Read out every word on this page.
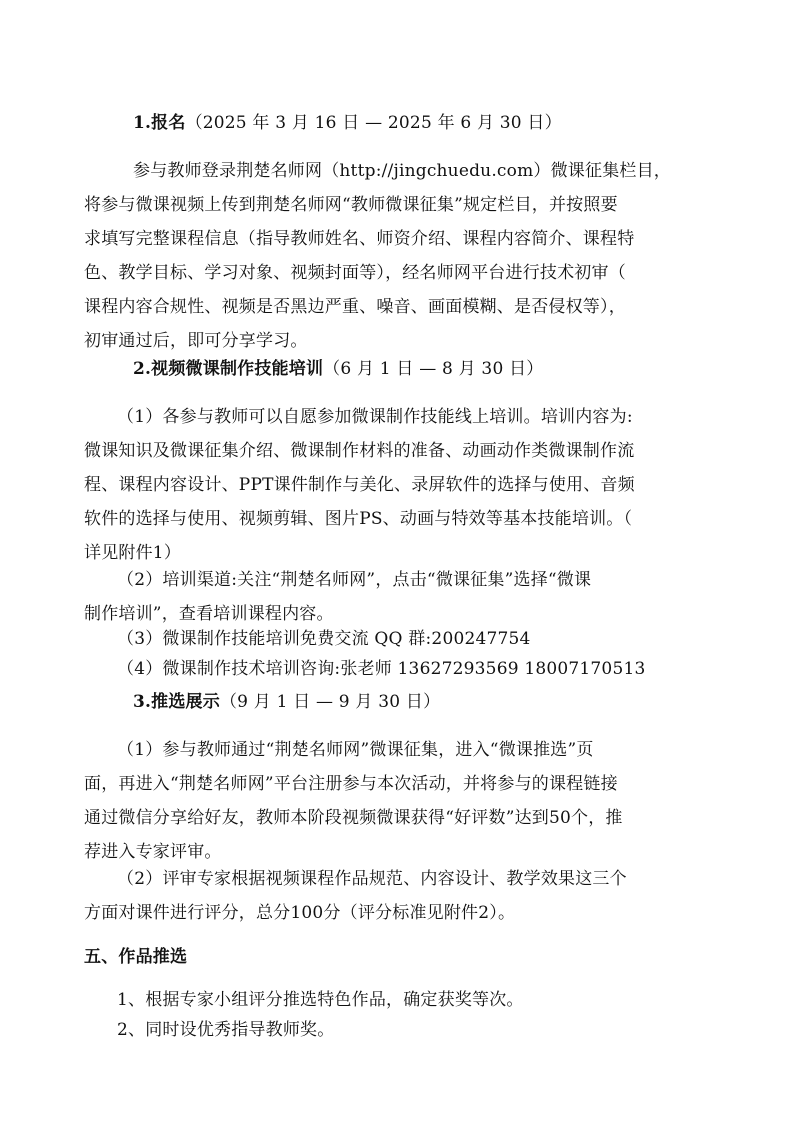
1.报名（2025 年 3 月 16 日 — 2025 年 6 月 30 日）
参与教师登录荆楚名师网（http://jingchuedu.com）微课征集栏目，
将参与微课视频上传到荆楚名师网“教师微课征集”规定栏目，并按照要
求填写完整课程信息（指导教师姓名、师资介绍、课程内容简介、课程特
色、教学目标、学习对象、视频封面等），经名师网平台进行技术初审（
课程内容合规性、视频是否黑边严重、噪音、画面模糊、是否侵权等），
初审通过后，即可分享学习。
2.视频微课制作技能培训（6 月 1 日 — 8 月 30 日）
（1）各参与教师可以自愿参加微课制作技能线上培训。培训内容为:
微课知识及微课征集介绍、微课制作材料的准备、动画动作类微课制作流
程、课程内容设计、PPT课件制作与美化、录屏软件的选择与使用、音频
软件的选择与使用、视频剪辑、图片PS、动画与特效等基本技能培训。（
详见附件1）
（2）培训渠道:关注“荆楚名师网”，点击“微课征集”选择“微课
制作培训”，查看培训课程内容。
（3）微课制作技能培训免费交流 QQ 群:200247754
（4）微课制作技术培训咨询:张老师 13627293569 18007170513
3.推选展示（9 月 1 日 — 9 月 30 日）
（1）参与教师通过“荆楚名师网”微课征集，进入“微课推选”页
面，再进入“荆楚名师网”平台注册参与本次活动，并将参与的课程链接
通过微信分享给好友，教师本阶段视频微课获得“好评数”达到50个，推
荐进入专家评审。
（2）评审专家根据视频课程作品规范、内容设计、教学效果这三个
方面对课件进行评分，总分100分（评分标准见附件2）。
五、作品推选
1、根据专家小组评分推选特色作品，确定获奖等次。
2、同时设优秀指导教师奖。
